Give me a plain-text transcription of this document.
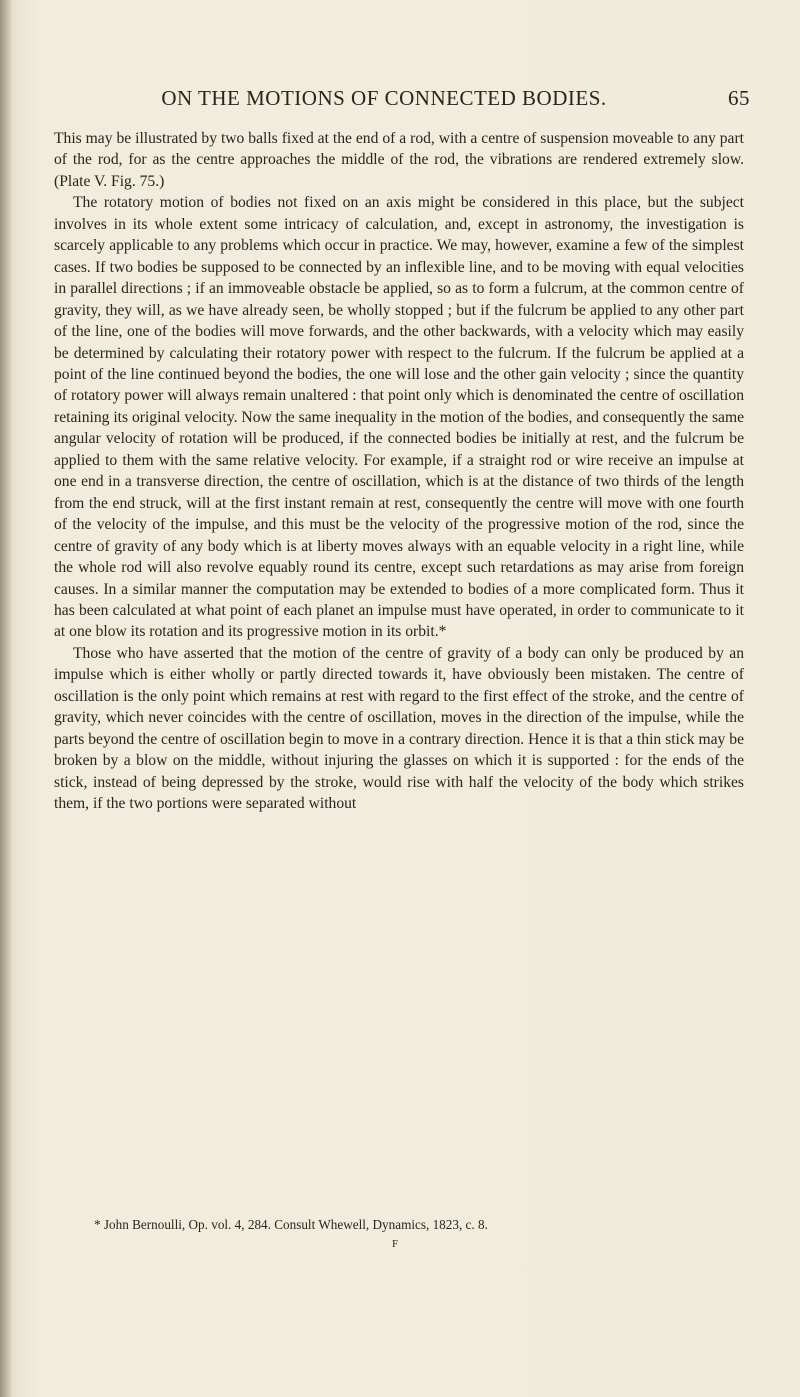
ON THE MOTIONS OF CONNECTED BODIES.	65

This may be illustrated by two balls fixed at the end of a rod, with a centre of suspension moveable to any part of the rod, for as the centre approaches the middle of the rod, the vibrations are rendered extremely slow. (Plate V. Fig. 75.)

The rotatory motion of bodies not fixed on an axis might be considered in this place, but the subject involves in its whole extent some intricacy of calculation, and, except in astronomy, the investigation is scarcely applicable to any problems which occur in practice. We may, however, examine a few of the simplest cases. If two bodies be supposed to be connected by an inflexible line, and to be moving with equal velocities in parallel directions ; if an immoveable obstacle be applied, so as to form a fulcrum, at the common centre of gravity, they will, as we have already seen, be wholly stopped ; but if the fulcrum be applied to any other part of the line, one of the bodies will move forwards, and the other backwards, with a velocity which may easily be determined by calculating their rotatory power with respect to the fulcrum. If the fulcrum be applied at a point of the line continued beyond the bodies, the one will lose and the other gain velocity ; since the quantity of rotatory power will always remain unaltered : that point only which is denominated the centre of oscillation retaining its original velocity. Now the same inequality in the motion of the bodies, and consequently the same angular velocity of rotation will be produced, if the connected bodies be initially at rest, and the fulcrum be applied to them with the same relative velocity. For example, if a straight rod or wire receive an impulse at one end in a transverse direction, the centre of oscillation, which is at the distance of two thirds of the length from the end struck, will at the first instant remain at rest, consequently the centre will move with one fourth of the velocity of the impulse, and this must be the velocity of the progressive motion of the rod, since the centre of gravity of any body which is at liberty moves always with an equable velocity in a right line, while the whole rod will also revolve equably round its centre, except such retardations as may arise from foreign causes. In a similar manner the computation may be extended to bodies of a more complicated form. Thus it has been calculated at what point of each planet an impulse must have operated, in order to communicate to it at one blow its rotation and its progressive motion in its orbit.*

Those who have asserted that the motion of the centre of gravity of a body can only be produced by an impulse which is either wholly or partly directed towards it, have obviously been mistaken. The centre of oscillation is the only point which remains at rest with regard to the first effect of the stroke, and the centre of gravity, which never coincides with the centre of oscillation, moves in the direction of the impulse, while the parts beyond the centre of oscillation begin to move in a contrary direction. Hence it is that a thin stick may be broken by a blow on the middle, without injuring the glasses on which it is supported : for the ends of the stick, instead of being depressed by the stroke, would rise with half the velocity of the body which strikes them, if the two portions were separated without

* John Bernoulli, Op. vol. 4, 284. Consult Whewell, Dynamics, 1823, c. 8.
F
